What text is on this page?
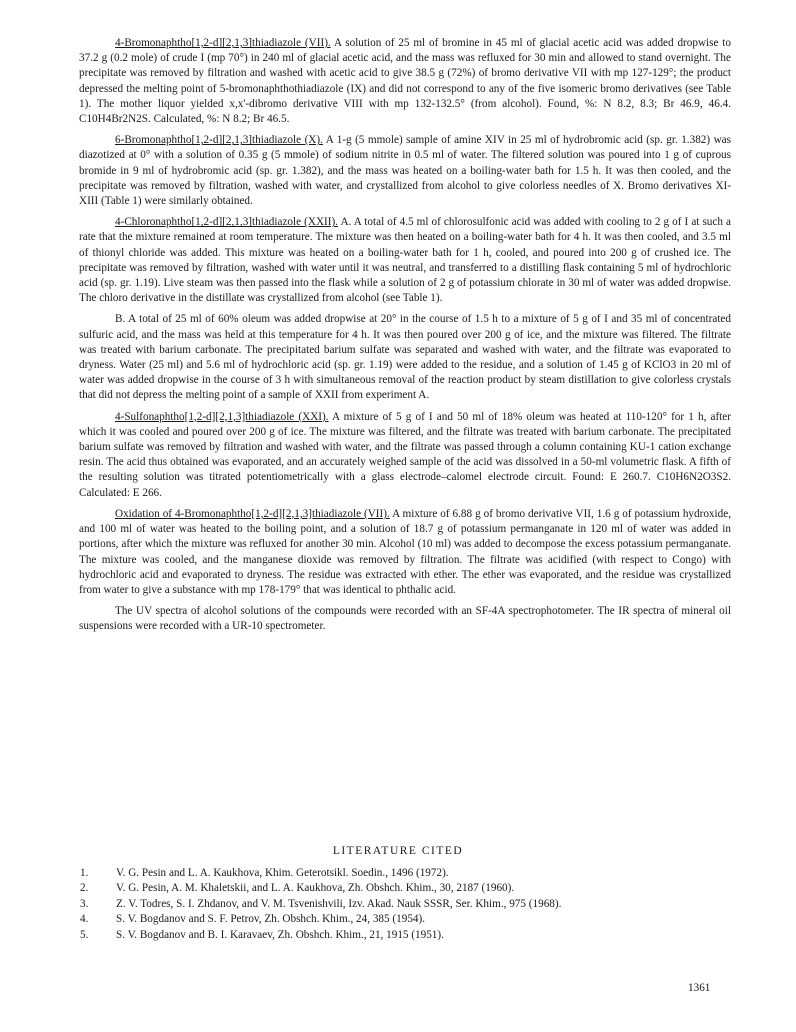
4-Bromonaphtho[1,2-d][2,1,3]thiadiazole (VII). A solution of 25 ml of bromine in 45 ml of glacial acetic acid was added dropwise to 37.2 g (0.2 mole) of crude I (mp 70°) in 240 ml of glacial acetic acid, and the mass was refluxed for 30 min and allowed to stand overnight. The precipitate was removed by filtration and washed with acetic acid to give 38.5 g (72%) of bromo derivative VII with mp 127-129°; the product depressed the melting point of 5-bromonaphthothiadiazole (IX) and did not correspond to any of the five isomeric bromo derivatives (see Table 1). The mother liquor yielded x,x'-dibromo derivative VIII with mp 132-132.5° (from alcohol). Found, %: N 8.2, 8.3; Br 46.9, 46.4. C10H4Br2N2S. Calculated, %: N 8.2; Br 46.5.

6-Bromonaphtho[1,2-d][2,1,3]thiadiazole (X). A 1-g (5 mmole) sample of amine XIV in 25 ml of hydrobromic acid (sp. gr. 1.382) was diazotized at 0° with a solution of 0.35 g (5 mmole) of sodium nitrite in 0.5 ml of water. The filtered solution was poured into 1 g of cuprous bromide in 9 ml of hydrobromic acid (sp. gr. 1.382), and the mass was heated on a boiling-water bath for 1.5 h. It was then cooled, and the precipitate was removed by filtration, washed with water, and crystallized from alcohol to give colorless needles of X. Bromo derivatives XI-XIII (Table 1) were similarly obtained.

4-Chloronaphtho[1,2-d][2,1,3]thiadiazole (XXII). A. A total of 4.5 ml of chlorosulfonic acid was added with cooling to 2 g of I at such a rate that the mixture remained at room temperature. The mixture was then heated on a boiling-water bath for 4 h. It was then cooled, and 3.5 ml of thionyl chloride was added. This mixture was heated on a boiling-water bath for 1 h, cooled, and poured into 200 g of crushed ice. The precipitate was removed by filtration, washed with water until it was neutral, and transferred to a distilling flask containing 5 ml of hydrochloric acid (sp. gr. 1.19). Live steam was then passed into the flask while a solution of 2 g of potassium chlorate in 30 ml of water was added dropwise. The chloro derivative in the distillate was crystallized from alcohol (see Table 1).

B. A total of 25 ml of 60% oleum was added dropwise at 20° in the course of 1.5 h to a mixture of 5 g of I and 35 ml of concentrated sulfuric acid, and the mass was held at this temperature for 4 h. It was then poured over 200 g of ice, and the mixture was filtered. The filtrate was treated with barium carbonate. The precipitated barium sulfate was separated and washed with water, and the filtrate was evaporated to dryness. Water (25 ml) and 5.6 ml of hydrochloric acid (sp. gr. 1.19) were added to the residue, and a solution of 1.45 g of KClO3 in 20 ml of water was added dropwise in the course of 3 h with simultaneous removal of the reaction product by steam distillation to give colorless crystals that did not depress the melting point of a sample of XXII from experiment A.

4-Sulfonaphtho[1,2-d][2,1,3]thiadiazole (XXI). A mixture of 5 g of I and 50 ml of 18% oleum was heated at 110-120° for 1 h, after which it was cooled and poured over 200 g of ice. The mixture was filtered, and the filtrate was treated with barium carbonate. The precipitated barium sulfate was removed by filtration and washed with water, and the filtrate was passed through a column containing KU-1 cation exchange resin. The acid thus obtained was evaporated, and an accurately weighed sample of the acid was dissolved in a 50-ml volumetric flask. A fifth of the resulting solution was titrated potentiometrically with a glass electrode–calomel electrode circuit. Found: E 260.7. C10H6N2O3S2. Calculated: E 266.

Oxidation of 4-Bromonaphtho[1,2-d][2,1,3]thiadiazole (VII). A mixture of 6.88 g of bromo derivative VII, 1.6 g of potassium hydroxide, and 100 ml of water was heated to the boiling point, and a solution of 18.7 g of potassium permanganate in 120 ml of water was added in portions, after which the mixture was refluxed for another 30 min. Alcohol (10 ml) was added to decompose the excess potassium permanganate. The mixture was cooled, and the manganese dioxide was removed by filtration. The filtrate was acidified (with respect to Congo) with hydrochloric acid and evaporated to dryness. The residue was extracted with ether. The ether was evaporated, and the residue was crystallized from water to give a substance with mp 178-179° that was identical to phthalic acid.

The UV spectra of alcohol solutions of the compounds were recorded with an SF-4A spectrophotometer. The IR spectra of mineral oil suspensions were recorded with a UR-10 spectrometer.

LITERATURE CITED
1.	V. G. Pesin and L. A. Kaukhova, Khim. Geterotsikl. Soedin., 1496 (1972).
2.	V. G. Pesin, A. M. Khaletskii, and L. A. Kaukhova, Zh. Obshch. Khim., 30, 2187 (1960).
3.	Z. V. Todres, S. I. Zhdanov, and V. M. Tsvenishvili, Izv. Akad. Nauk SSSR, Ser. Khim., 975 (1968).
4.	S. V. Bogdanov and S. F. Petrov, Zh. Obshch. Khim., 24, 385 (1954).
5.	S. V. Bogdanov and B. I. Karavaev, Zh. Obshch. Khim., 21, 1915 (1951).
1361
